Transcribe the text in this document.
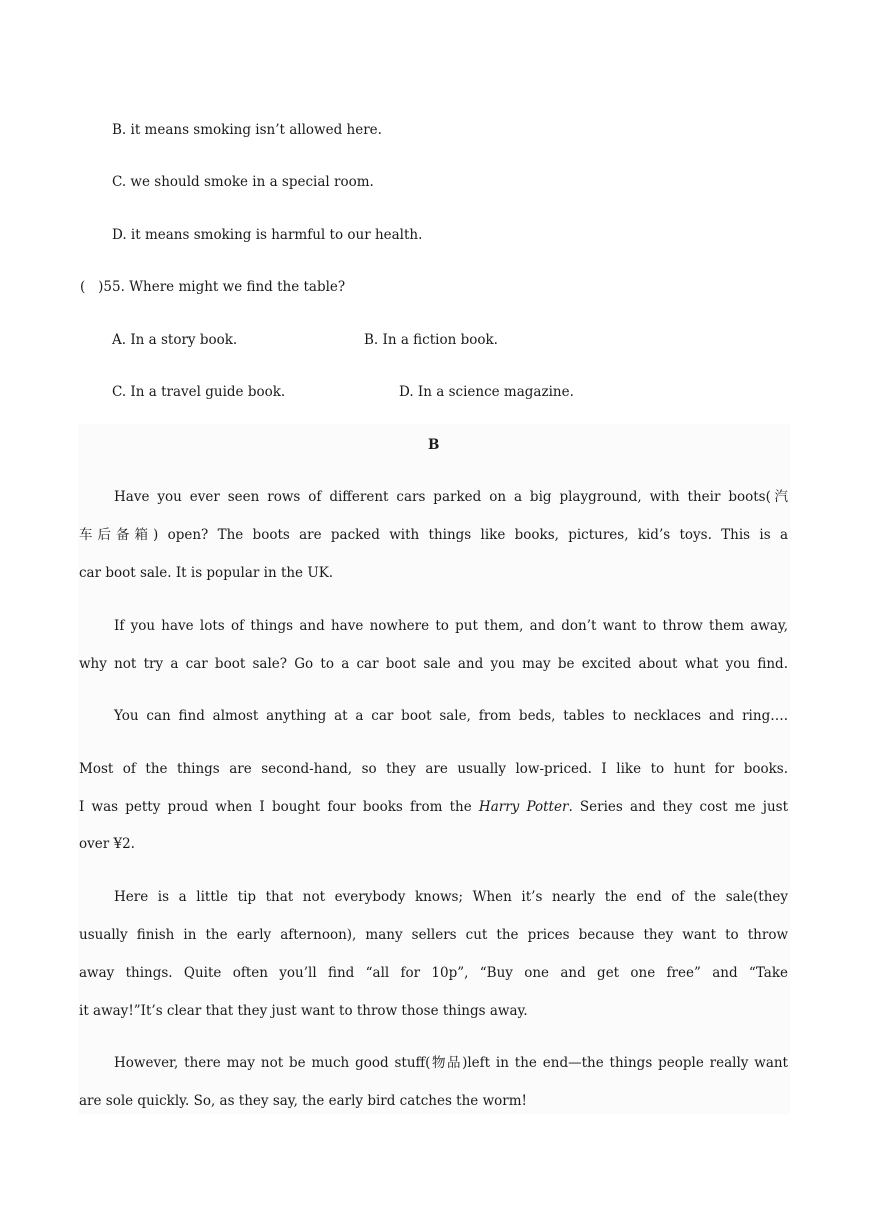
B. it means smoking isn’t allowed here.
C. we should smoke in a special room.
D. it means smoking is harmful to our health.
(   )55. Where might we find the table?
A. In a story book.	B. In a fiction book.
C. In a travel guide book.	D. In a science magazine.
B
Have you ever seen rows of different cars parked on a big playground, with their boots(汽
车后备箱) open? The boots are packed with things like books, pictures, kid’s toys. This is a
car boot sale. It is popular in the UK.
If you have lots of things and have nowhere to put them, and don’t want to throw them away,
why not try a car boot sale? Go to a car boot sale and you may be excited about what you find.
You can find almost anything at a car boot sale, from beds, tables to necklaces and ring….
Most of the things are second-hand, so they are usually low-priced. I like to hunt for books.
I was petty proud when I bought four books from the Harry Potter. Series and they cost me just
over ¥2.
Here is a little tip that not everybody knows; When it’s nearly the end of the sale(they
usually finish in the early afternoon), many sellers cut the prices because they want to throw
away things. Quite often you’ll find “all for 10p”, “Buy one and get one free” and “Take
it away!”It’s clear that they just want to throw those things away.
However, there may not be much good stuff(物品)left in the end—the things people really want
are sole quickly. So, as they say, the early bird catches the worm!
